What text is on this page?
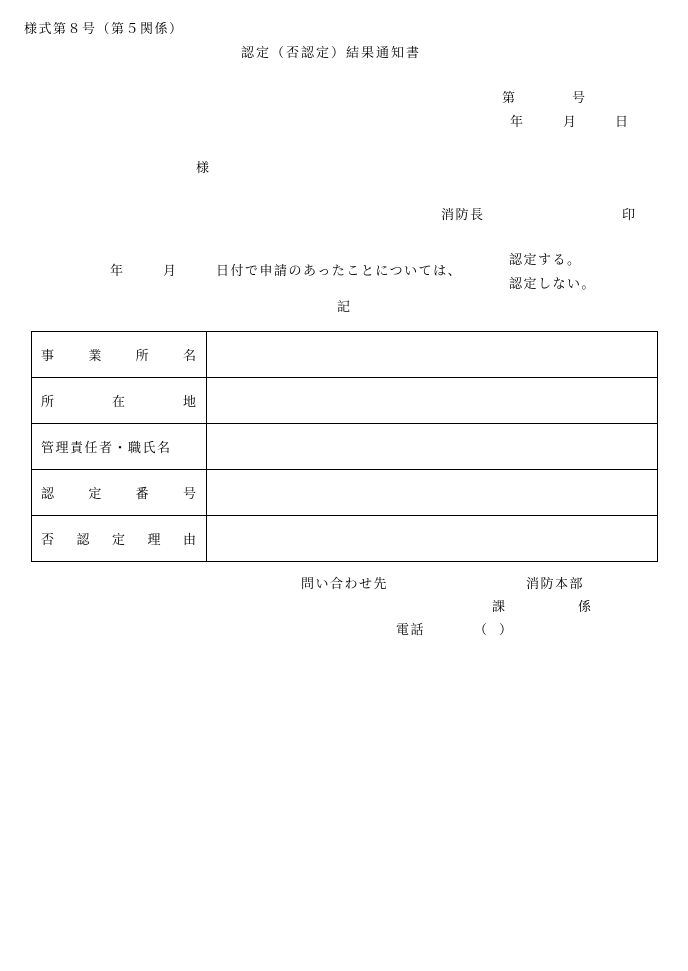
様式第８号（第５関係）
認定（否認定）結果通知書
第	号
年	月	日
様
消防長	印
年	月	日付で申請のあったことについては、
認定する。
認定しない。
記
事 業 所 名	

所 在 地	

管理責任者・職氏名	

認 定 番 号	

否 認 定 理 由	

問い合わせ先	消防本部
課	係
電話	（ ）
